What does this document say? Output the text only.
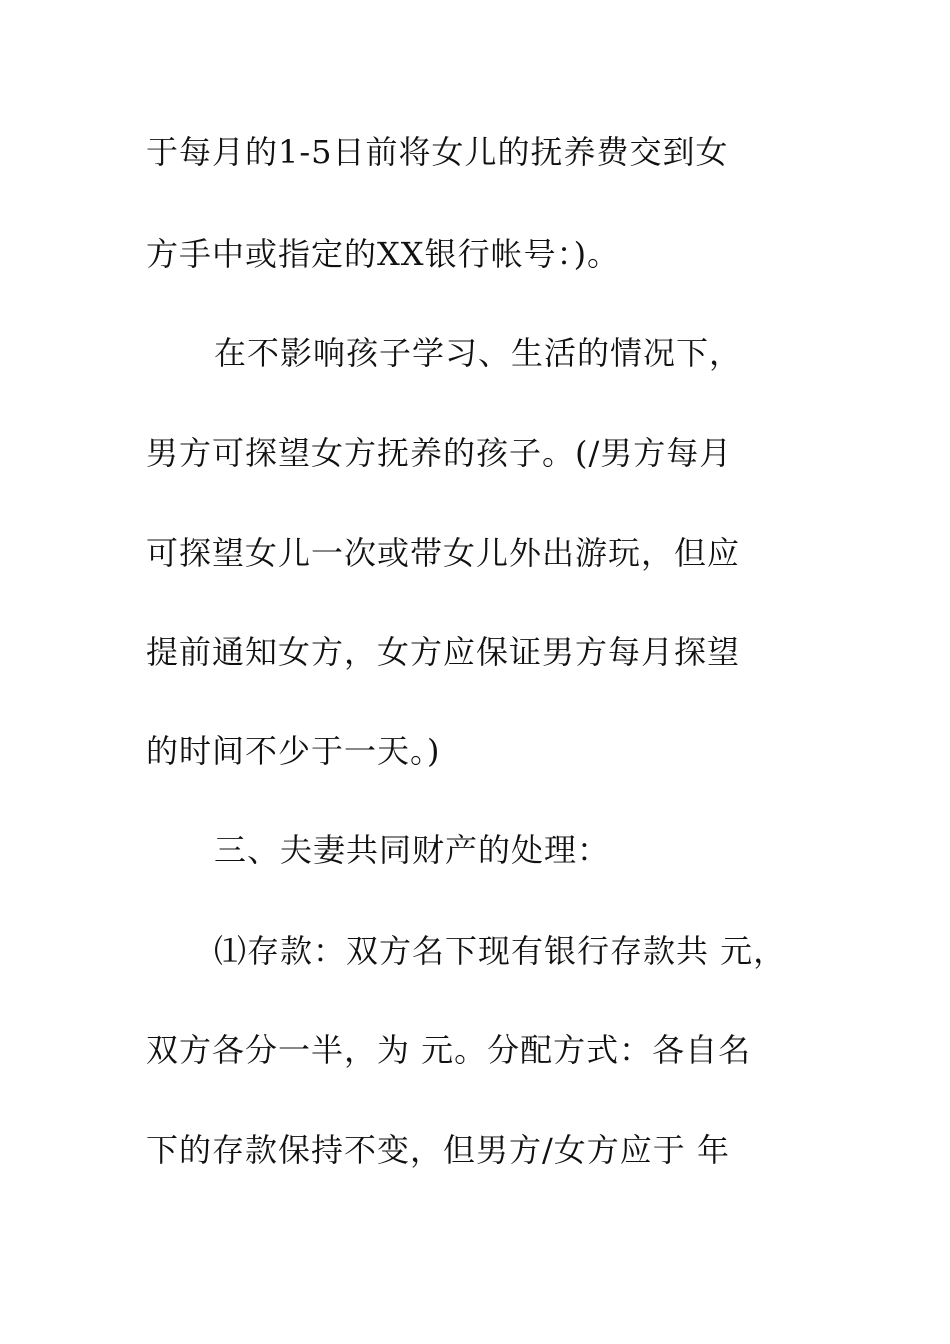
于每月的1-5日前将女儿的抚养费交到女
方手中或指定的XX银行帐号：)。
在不影响孩子学习、生活的情况下，
男方可探望女方抚养的孩子。(/男方每月
可探望女儿一次或带女儿外出游玩，但应
提前通知女方，女方应保证男方每月探望
的时间不少于一天。)
三、夫妻共同财产的处理：
⑴存款：双方名下现有银行存款共 元，
双方各分一半，为 元。分配方式：各自名
下的存款保持不变，但男方/女方应于 年
